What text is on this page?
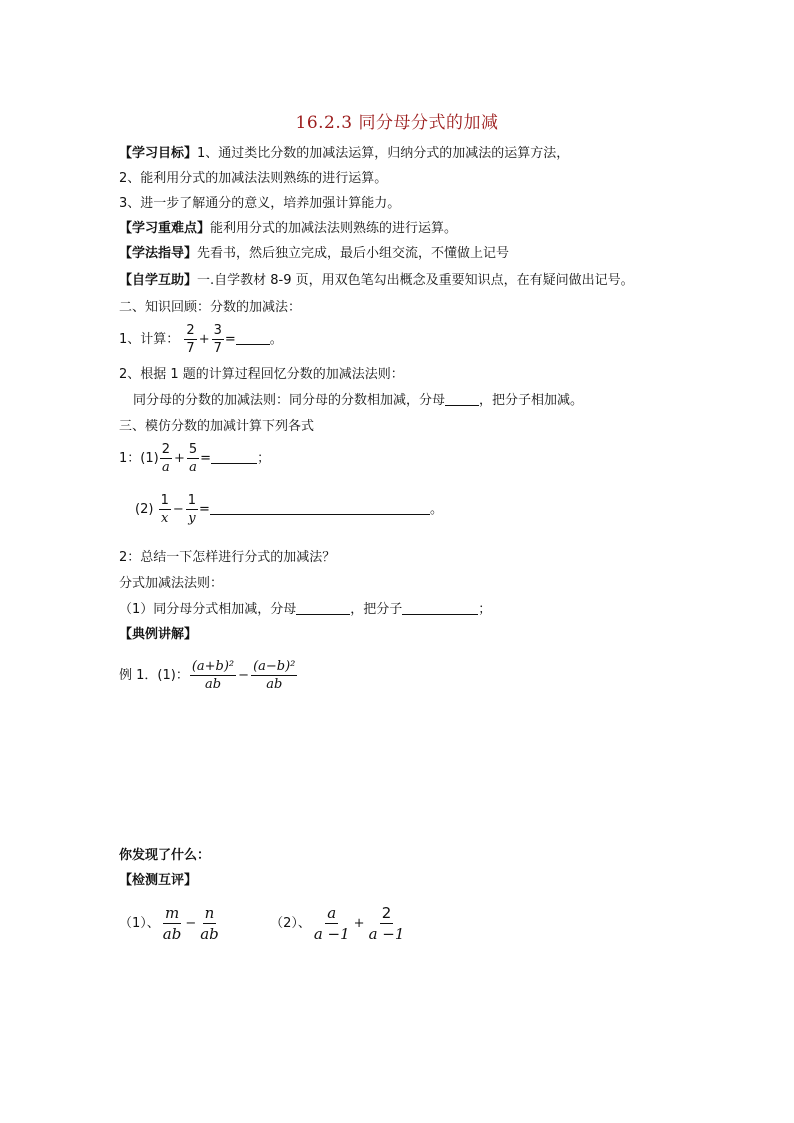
16.2.3 同分母分式的加减
【学习目标】1、通过类比分数的加减法运算，归纳分式的加减法的运算方法，
2、能利用分式的加减法法则熟练的进行运算。
3、进一步了解通分的意义，培养加强计算能力。
【学习重难点】能利用分式的加减法法则熟练的进行运算。
【学法指导】先看书，然后独立完成，最后小组交流，不懂做上记号
【自学互助】一.自学教材 8-9 页，用双色笔勾出概念及重要知识点，在有疑问做出记号。
二、知识回顾：分数的加减法：
1、计算： $\frac{2}{7} + \frac{3}{7}$ =	。
2、根据 1 题的计算过程回忆分数的加减法法则：
同分母的分数的加减法则：同分母的分数相加减，分母	，把分子相加减。
三、模仿分数的加减计算下列各式
1：$(1) \frac{2}{a} + \frac{5}{a}$ =	；
$(2) \frac{1}{x} - \frac{1}{y}$ =	。
2：总结一下怎样进行分式的加减法？
分式加减法法则：
（1）同分母分式相加减，分母	，把分子	；
【典例讲解】
例 1．(1)： $\frac{\text{(a+b)²}}{ab} - \frac{\text{(a−b)²}}{ab}$
你发现了什么：
【检测互评】
（1）、 $\frac{m}{ab} - \frac{n}{ab}$	（2）、 $\frac{a}{a -1} + \frac{2}{a -1}$
